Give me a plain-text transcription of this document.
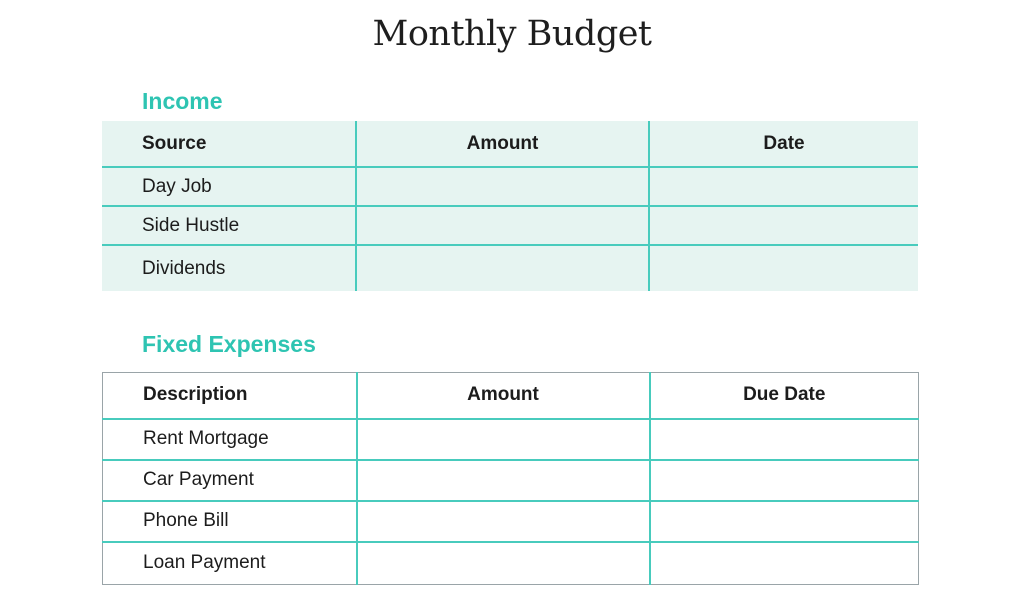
Monthly Budget
Income
Source	Amount	Date
Day Job		
Side Hustle		
Dividends		
Fixed Expenses
Description	Amount	Due Date
Rent Mortgage		
Car Payment		
Phone Bill		
Loan Payment		
